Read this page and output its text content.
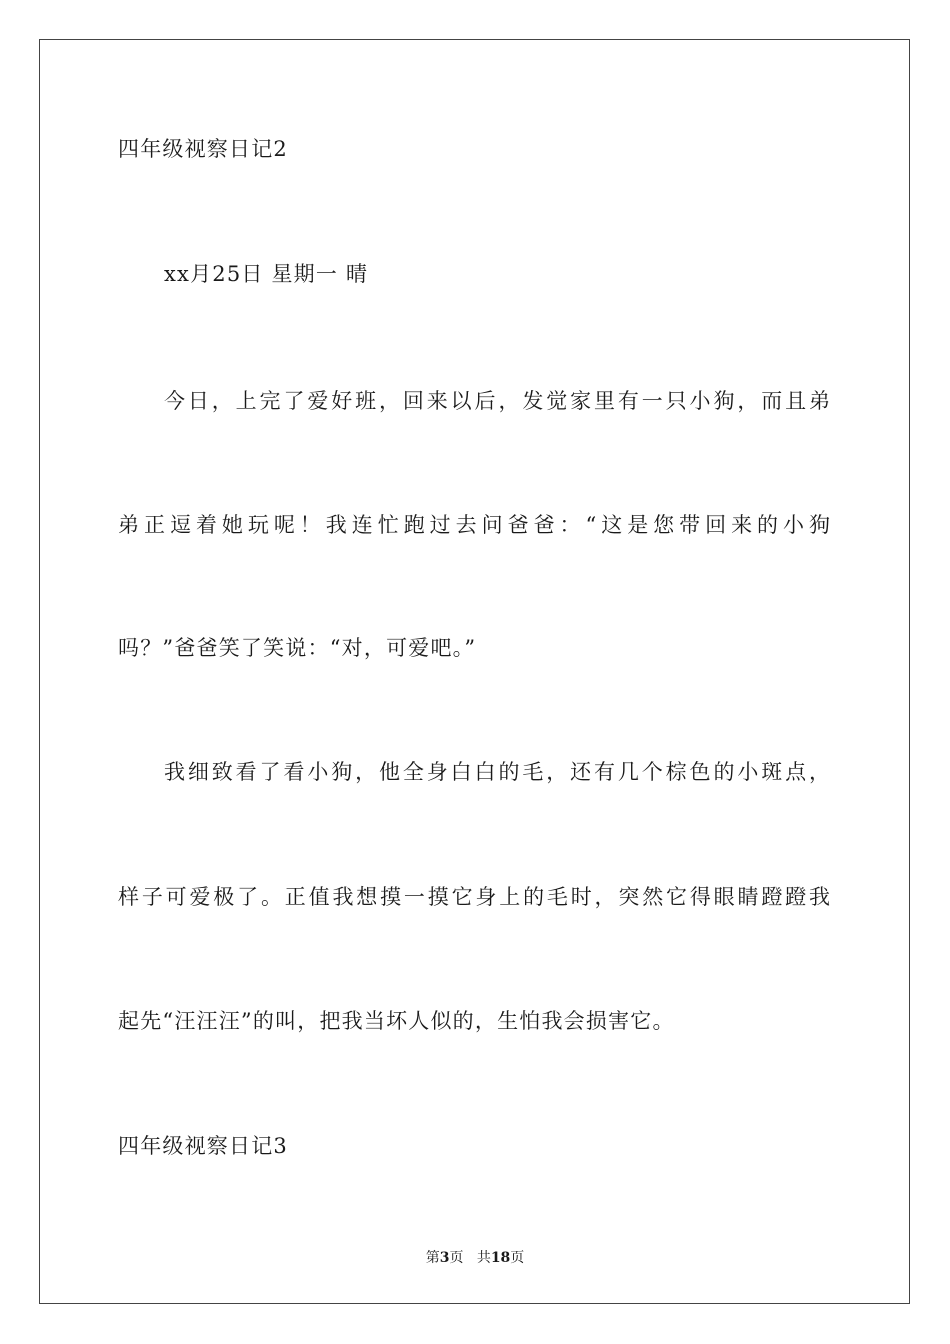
四年级视察日记2
xx月25日 星期一 晴
今日，上完了爱好班，回来以后，发觉家里有一只小狗，而且弟
弟正逗着她玩呢！我连忙跑过去问爸爸：“这是您带回来的小狗
吗？”爸爸笑了笑说：“对，可爱吧。”
我细致看了看小狗，他全身白白的毛，还有几个棕色的小斑点，
样子可爱极了。正值我想摸一摸它身上的毛时，突然它得眼睛蹬蹬我
起先“汪汪汪”的叫，把我当坏人似的，生怕我会损害它。
四年级视察日记3
第3页 共18页
